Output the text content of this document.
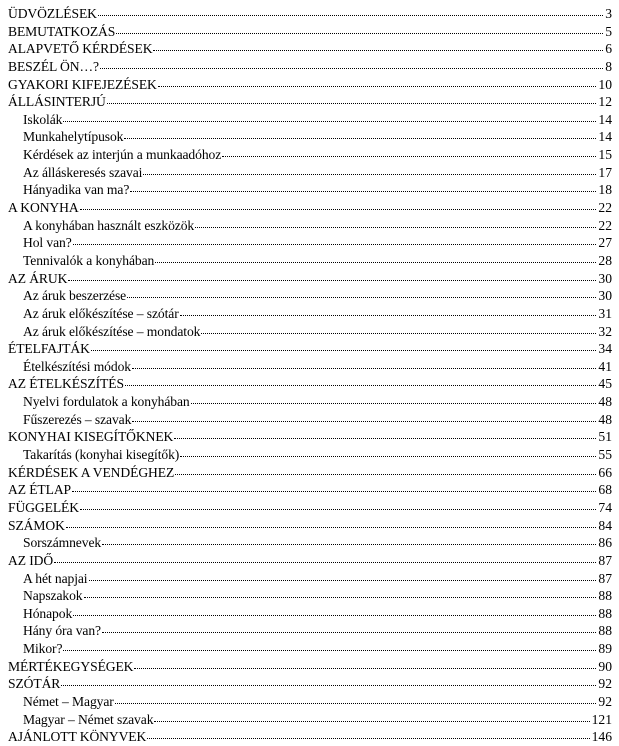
ÜDVÖZLÉSEK	3
BEMUTATKOZÁS	5
ALAPVETŐ KÉRDÉSEK	6
BESZÉL ÖN…?	8
GYAKORI KIFEJEZÉSEK	10
ÁLLÁSINTERJÚ	12
Iskolák	14
Munkahelytípusok	14
Kérdések az interjún a munkaadóhoz	15
Az álláskeresés szavai	17
Hányadika van ma?	18
A KONYHA	22
A konyhában használt eszközök	22
Hol van?	27
Tennivalók a konyhában	28
AZ ÁRUK	30
Az áruk beszerzése	30
Az áruk előkészítése – szótár	31
Az áruk előkészítése – mondatok	32
ÉTELFAJTÁK	34
Ételkészítési módok	41
AZ ÉTELKÉSZÍTÉS	45
Nyelvi fordulatok a konyhában	48
Fűszerezés – szavak	48
KONYHAI KISEGÍTŐKNEK	51
Takarítás (konyhai kisegítők)	55
KÉRDÉSEK A VENDÉGHEZ	66
AZ ÉTLAP	68
FÜGGELÉK	74
SZÁMOK	84
Sorszámnevek	86
AZ IDŐ	87
A hét napjai	87
Napszakok	88
Hónapok	88
Hány óra van?	88
Mikor?	89
MÉRTÉKEGYSÉGEK	90
SZÓTÁR	92
Német – Magyar	92
Magyar – Német szavak	121
AJÁNLOTT KÖNYVEK	146
